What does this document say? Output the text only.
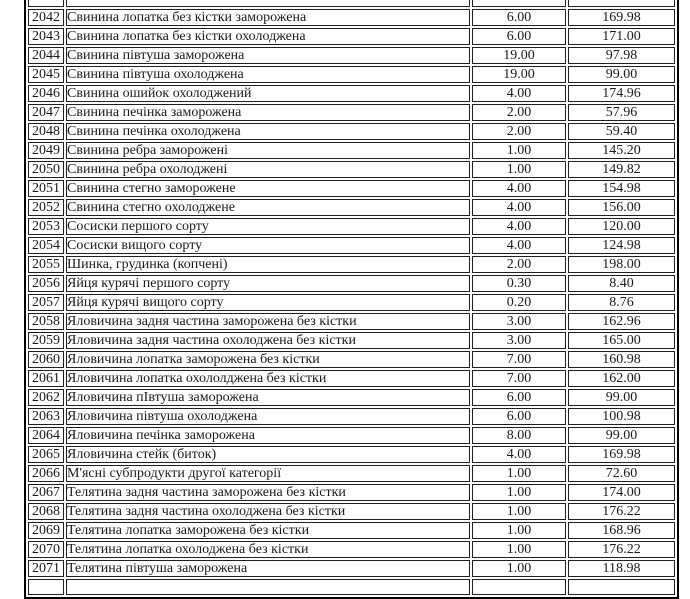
2042	Свинина лопатка без кістки заморожена	6.00	169.98
2043	Свинина лопатка без кістки охолоджена	6.00	171.00
2044	Свинина півтуша заморожена	19.00	97.98
2045	Свинина півтуша охолоджена	19.00	99.00
2046	Свинина ошийок охолоджений	4.00	174.96
2047	Свинина печінка заморожена	2.00	57.96
2048	Свинина печінка охолоджена	2.00	59.40
2049	Свинина ребра заморожені	1.00	145.20
2050	Свинина ребра охолоджені	1.00	149.82
2051	Свинина стегно заморожене	4.00	154.98
2052	Свинина стегно охолоджене	4.00	156.00
2053	Сосиски першого сорту	4.00	120.00
2054	Сосиски вищого сорту	4.00	124.98
2055	Шинка, грудинка (копчені)	2.00	198.00
2056	Яйця курячі першого сорту	0.30	8.40
2057	Яйця курячі вищого сорту	0.20	8.76
2058	Яловичина задня частина заморожена без кістки	3.00	162.96
2059	Яловичина задня частина охолоджена без кістки	3.00	165.00
2060	Яловичина лопатка заморожена без кістки	7.00	160.98
2061	Яловичина лопатка охололджена без кістки	7.00	162.00
2062	Яловичина пІвтуша заморожена	6.00	99.00
2063	Яловичина півтуша охолоджена	6.00	100.98
2064	Яловичина печінка заморожена	8.00	99.00
2065	Яловичина стейк (биток)	4.00	169.98
2066	М'ясні субпродукти другої категорії	1.00	72.60
2067	Телятина задня частина заморожена без кістки	1.00	174.00
2068	Телятина задня частина охолоджена без кістки	1.00	176.22
2069	Телятина лопатка заморожена без кістки	1.00	168.96
2070	Телятина лопатка охолоджена без кістки	1.00	176.22
2071	Телятина півтуша заморожена	1.00	118.98
